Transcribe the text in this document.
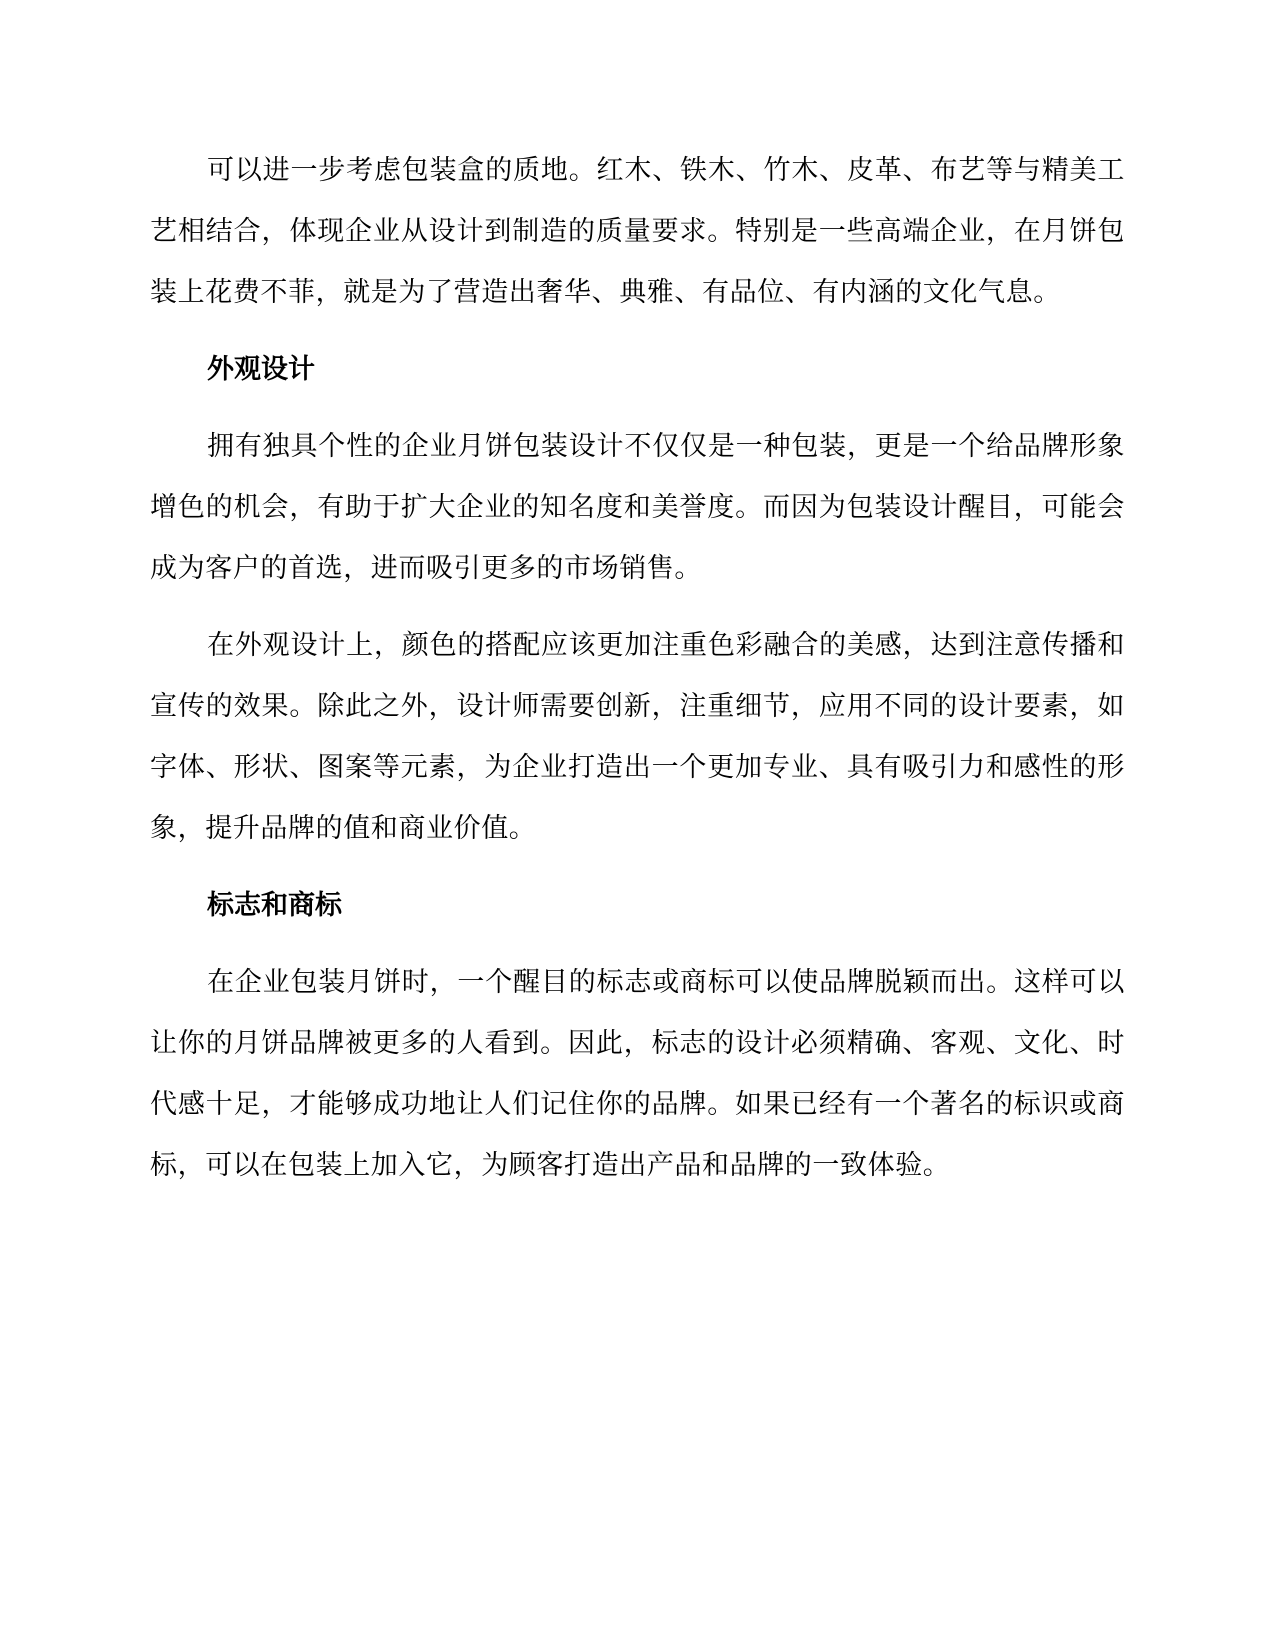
可以进一步考虑包装盒的质地。红木、铁木、竹木、皮革、布艺等与精美工艺相结合，体现企业从设计到制造的质量要求。特别是一些高端企业，在月饼包装上花费不菲，就是为了营造出奢华、典雅、有品位、有内涵的文化气息。

外观设计

拥有独具个性的企业月饼包装设计不仅仅是一种包装，更是一个给品牌形象增色的机会，有助于扩大企业的知名度和美誉度。而因为包装设计醒目，可能会成为客户的首选，进而吸引更多的市场销售。

在外观设计上，颜色的搭配应该更加注重色彩融合的美感，达到注意传播和宣传的效果。除此之外，设计师需要创新，注重细节，应用不同的设计要素，如字体、形状、图案等元素，为企业打造出一个更加专业、具有吸引力和感性的形象，提升品牌的值和商业价值。

标志和商标

在企业包装月饼时，一个醒目的标志或商标可以使品牌脱颖而出。这样可以让你的月饼品牌被更多的人看到。因此，标志的设计必须精确、客观、文化、时代感十足，才能够成功地让人们记住你的品牌。如果已经有一个著名的标识或商标，可以在包装上加入它，为顾客打造出产品和品牌的一致体验。
